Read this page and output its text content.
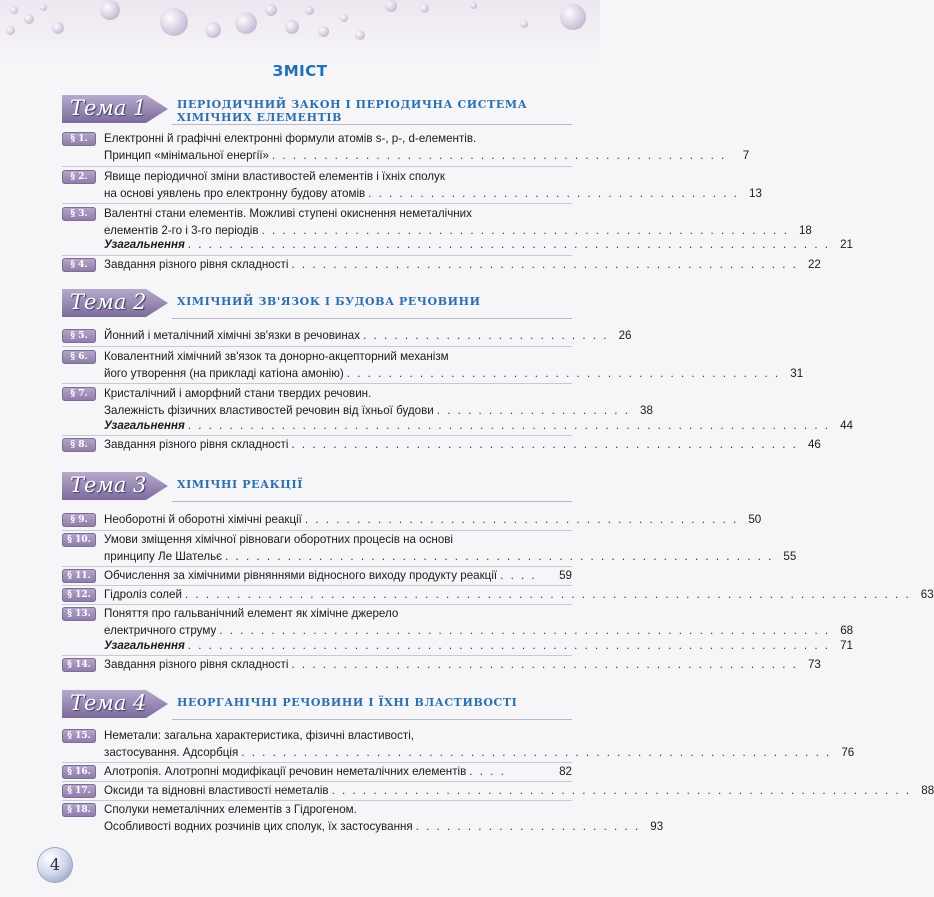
ЗМІСТ
Тема 1	ПЕРІОДИЧНИЙ ЗАКОН І ПЕРІОДИЧНА СИСТЕМА
ХІМІЧНИХ ЕЛЕМЕНТІВ
§ 1.	Електронні й графічні електронні формули атомів s-, p-, d-елементів.
Принцип «мінімальної енергії» . . . . . . . . . . . . . . . . . . . . . . . . . . . . . . . . . . . . . . . . . . . .	7
§ 2.	Явище періодичної зміни властивостей елементів і їхніх сполук
на основі уявлень про електронну будову атомів . . . . . . . . . . . . . . . . . . . . . . . . . . . . . . . . . . . . 13
§ 3.	Валентні стани елементів. Можливі ступені окиснення неметалічних
елементів 2-го і 3-го періодів . . . . . . . . . . . . . . . . . . . . . . . . . . . . . . . . . . . . . . . . . . . . . . . . . . . 18
Узагальнення . . . . . . . . . . . . . . . . . . . . . . . . . . . . . . . . . . . . . . . . . . . . . . . . . . . . . . . . . . . . . . 21
§ 4.	Завдання різного рівня складності . . . . . . . . . . . . . . . . . . . . . . . . . . . . . . . . . . . . . . . . . . . . . . . . . 22
Тема 2	ХІМІЧНИЙ ЗВ'ЯЗОК І БУДОВА РЕЧОВИНИ
§ 5.	Йонний і металічний хімічні зв'язки в речовинах . . . . . . . . . . . . . . . . . . . . . . . . 26
§ 6.	Ковалентний хімічний зв'язок та донорно-акцепторний механізм
його утворення (на прикладі катіона амонію) . . . . . . . . . . . . . . . . . . . . . . . . . . . . . . . . . . . . . . . . . . 31
§ 7.	Кристалічний і аморфний стани твердих речовин.
Залежність фізичних властивостей речовин від їхньої будови . . . . . . . . . . . . . . . . . . . 38
Узагальнення . . . . . . . . . . . . . . . . . . . . . . . . . . . . . . . . . . . . . . . . . . . . . . . . . . . . . . . . . . . . . . 44
§ 8.	Завдання різного рівня складності . . . . . . . . . . . . . . . . . . . . . . . . . . . . . . . . . . . . . . . . . . . . . . . . . 46
Тема 3	ХІМІЧНІ РЕАКЦІЇ
§ 9.	Необоротні й оборотні хімічні реакції . . . . . . . . . . . . . . . . . . . . . . . . . . . . . . . . . . . . . . . . . . 50
§ 10.	Умови зміщення хімічної рівноваги оборотних процесів на основі
принципу Ле Шательє . . . . . . . . . . . . . . . . . . . . . . . . . . . . . . . . . . . . . . . . . . . . . . . . . . . . . 55
§ 11.	Обчислення за хімічними рівняннями відносного виходу продукту реакції . . . .	59
§ 12.	Гідроліз солей . . . . . . . . . . . . . . . . . . . . . . . . . . . . . . . . . . . . . . . . . . . . . . . . . . . . . . . . . . . . . . . . . . . . . . 63
§ 13.	Поняття про гальванічний елемент як хімічне джерело
електричного струму . . . . . . . . . . . . . . . . . . . . . . . . . . . . . . . . . . . . . . . . . . . . . . . . . . . . . . . . . . . 68
Узагальнення . . . . . . . . . . . . . . . . . . . . . . . . . . . . . . . . . . . . . . . . . . . . . . . . . . . . . . . . . . . . . . 71
§ 14.	Завдання різного рівня складності . . . . . . . . . . . . . . . . . . . . . . . . . . . . . . . . . . . . . . . . . . . . . . . . . 73
Тема 4	НЕОРГАНІЧНІ РЕЧОВИНИ І ЇХНІ ВЛАСТИВОСТІ
§ 15.	Неметали: загальна характеристика, фізичні властивості,
застосування. Адсорбція . . . . . . . . . . . . . . . . . . . . . . . . . . . . . . . . . . . . . . . . . . . . . . . . . . . . . . . . . 76
§ 16.	Алотропія. Алотропні модифікації речовин неметалічних елементів . . . .	82
§ 17.	Оксиди та відновні властивості неметалів . . . . . . . . . . . . . . . . . . . . . . . . . . . . . . . . . . . . . . . . . . . . . . . . . . . . . . . . 88
§ 18.	Сполуки неметалічних елементів з Гідрогеном.
Особливості водних розчинів цих сполук, їх застосування . . . . . . . . . . . . . . . . . . . . . . 93
4
